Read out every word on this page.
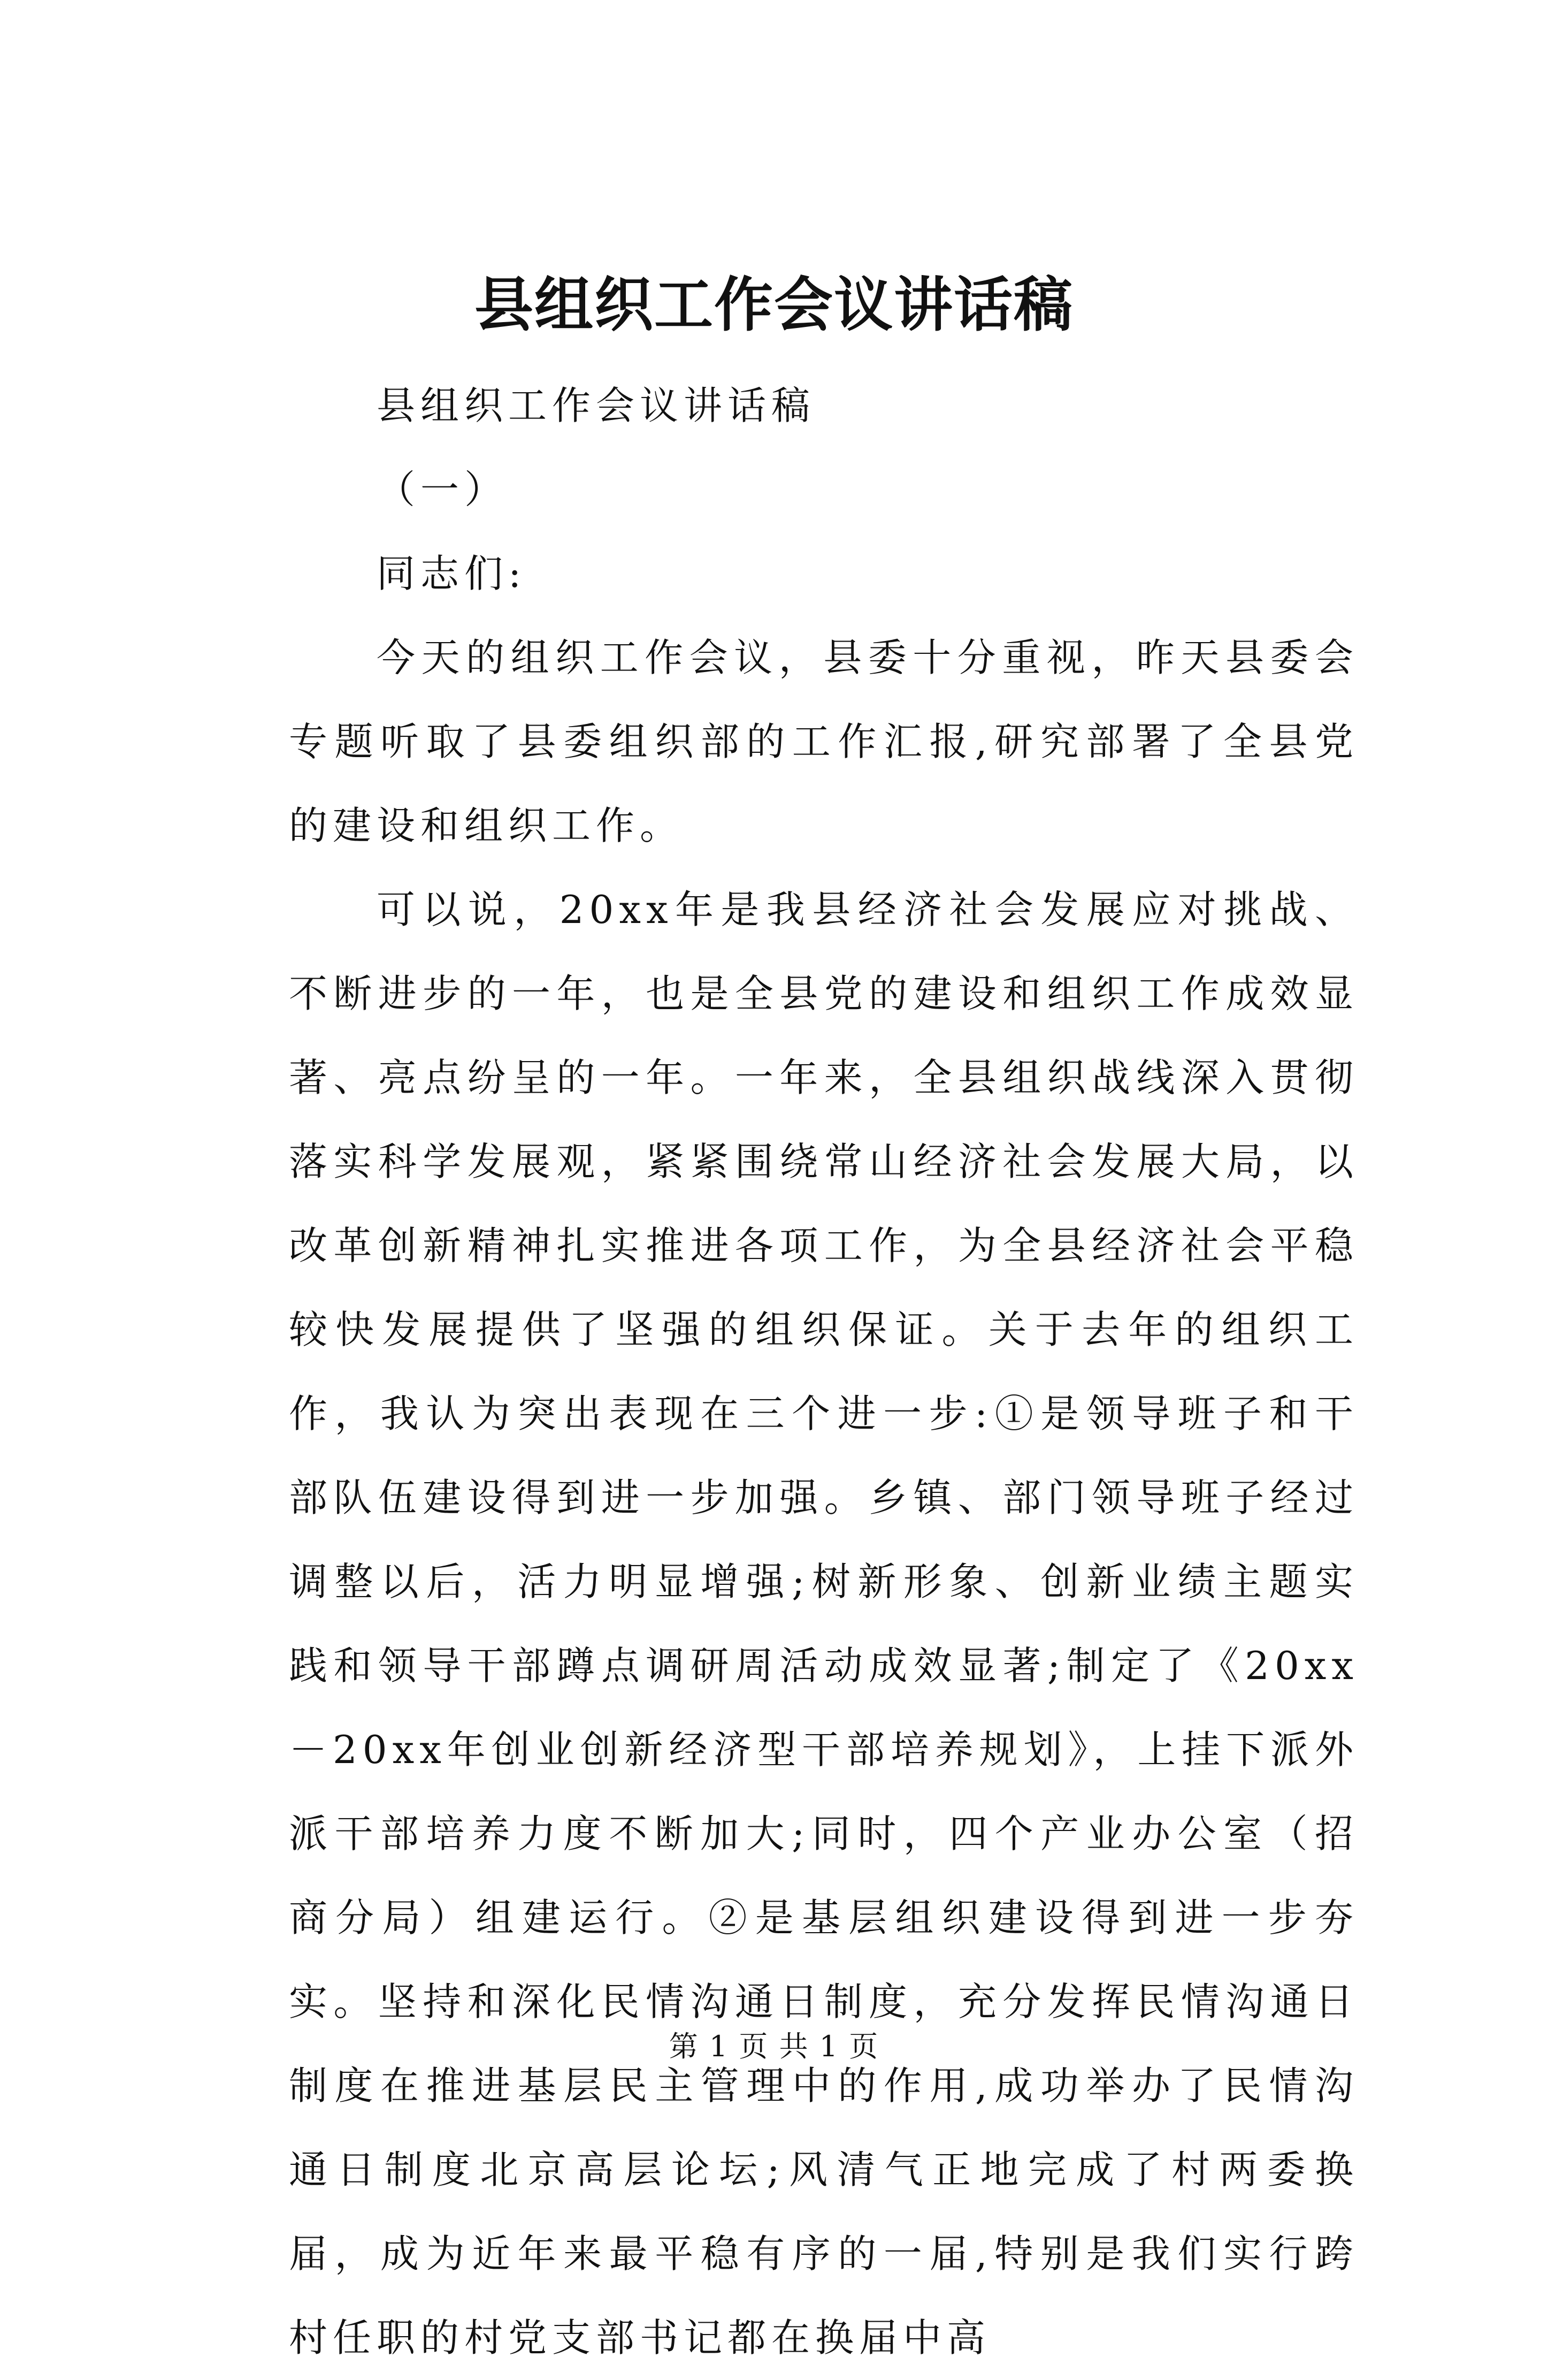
县组织工作会议讲话稿

县组织工作会议讲话稿

（一）

同志们:

今天的组织工作会议，县委十分重视，昨天县委会专题听取了县委组织部的工作汇报,研究部署了全县党的建设和组织工作。

可以说，20xx年是我县经济社会发展应对挑战、不断进步的一年，也是全县党的建设和组织工作成效显著、亮点纷呈的一年。一年来，全县组织战线深入贯彻落实科学发展观，紧紧围绕常山经济社会发展大局，以改革创新精神扎实推进各项工作，为全县经济社会平稳较快发展提供了坚强的组织保证。关于去年的组织工作，我认为突出表现在三个进一步:①是领导班子和干部队伍建设得到进一步加强。乡镇、部门领导班子经过调整以后，活力明显增强;树新形象、创新业绩主题实践和领导干部蹲点调研周活动成效显著;制定了《20xx－20xx年创业创新经济型干部培养规划》，上挂下派外派干部培养力度不断加大;同时，四个产业办公室（招商分局）组建运行。②是基层组织建设得到进一步夯实。坚持和深化民情沟通日制度，充分发挥民情沟通日制度在推进基层民主管理中的作用,成功举办了民情沟通日制度北京高层论坛;风清气正地完成了村两委换届，成为近年来最平稳有序的一届,特别是我们实行跨村任职的村党支部书记都在换届中高

第 1 页 共 1 页
